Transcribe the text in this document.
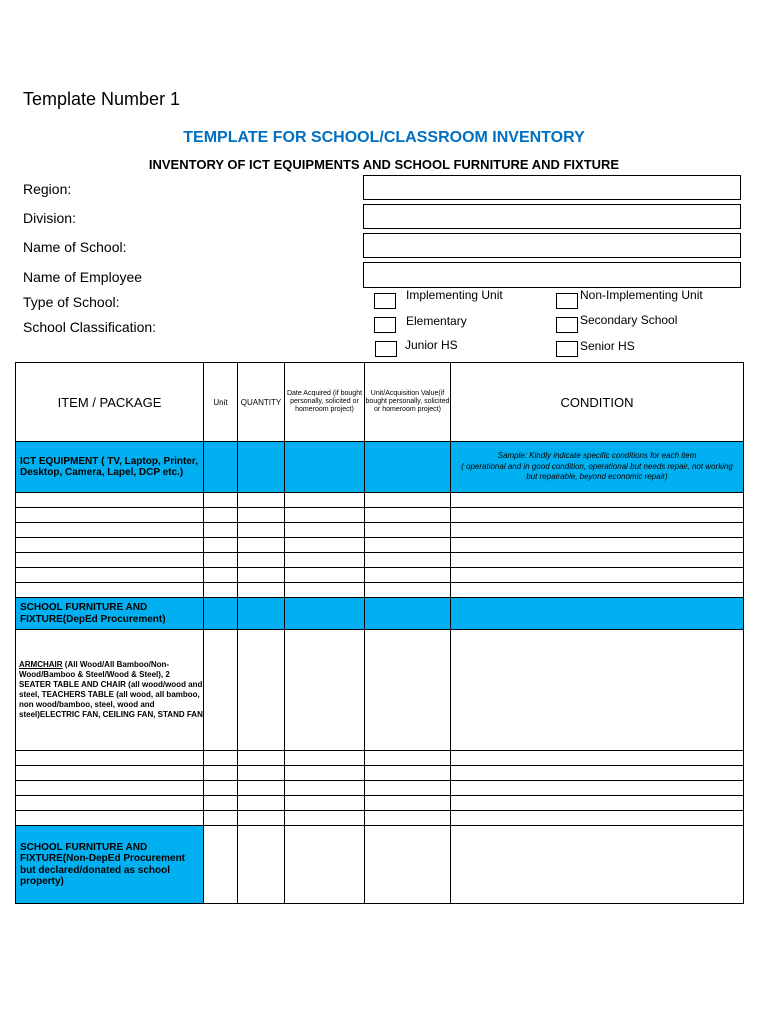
Template Number 1
TEMPLATE FOR SCHOOL/CLASSROOM INVENTORY
INVENTORY OF ICT EQUIPMENTS AND SCHOOL FURNITURE AND FIXTURE
Region:
Division:
Name of School:
Name of Employee
Type of School:
School Classification:
Implementing Unit	Non-Implementing Unit
Elementary	Secondary School
Junior HS	Senior HS
ITEM / PACKAGE	Unit	QUANTITY	Date Acquired (if bought personally, solicited or homeroom project)	Unit/Acquisition Value(if bought personally, solicited or homeroom project)	CONDITION
ICT EQUIPMENT ( TV, Laptop, Printer, Desktop, Camera, Lapel, DCP etc.)					Sample: Kindly indicate specific conditions for each item
( operational and in good condition, operational but needs repair, not working but repairable, beyond economic repair)

SCHOOL FURNITURE AND FIXTURE(DepEd Procurement)					
ARMCHAIR (All Wood/All Bamboo/Non-Wood/Bamboo & Steel/Wood & Steel), 2 SEATER TABLE AND CHAIR (all wood/wood and steel, TEACHERS TABLE (all wood, all bamboo, non wood/bamboo, steel, wood and steel)ELECTRIC FAN, CEILING FAN, STAND FAN					

SCHOOL FURNITURE AND FIXTURE(Non-DepEd Procurement but declared/donated as school property)					
